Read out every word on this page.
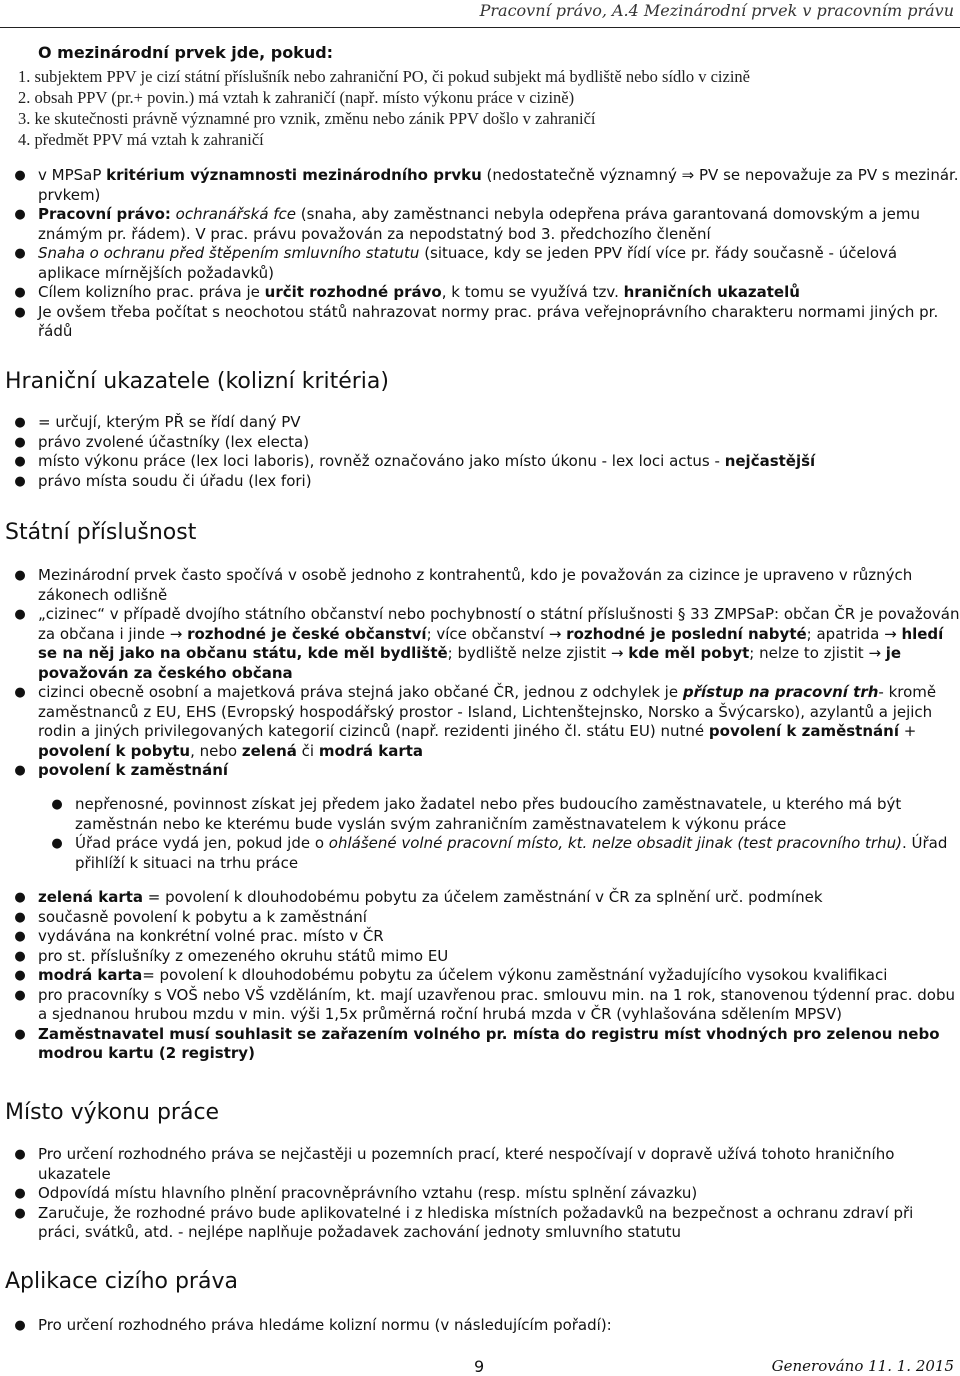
Pracovní právo, A.4 Mezinárodní prvek v pracovním právu
O mezinárodní prvek jde, pokud:
1. subjektem PPV je cizí státní příslušník nebo zahraniční PO, či pokud subjekt má bydliště nebo sídlo v cizině
2. obsah PPV (pr.+ povin.) má vztah k zahraničí (např. místo výkonu práce v cizině)
3. ke skutečnosti právně významné pro vznik, změnu nebo zánik PPV došlo v zahraničí
4. předmět PPV má vztah k zahraničí
● v MPSaP kritérium významnosti mezinárodního prvku (nedostatečně významný ⇒ PV se nepovažuje za PV s mezinár. prvkem)
● Pracovní právo: ochranářská fce (snaha, aby zaměstnanci nebyla odepřena práva garantovaná domovským a jemu známým pr. řádem). V prac. právu považován za nepodstatný bod 3. předchozího členění
● Snaha o ochranu před štěpením smluvního statutu (situace, kdy se jeden PPV řídí více pr. řády současně - účelová aplikace mírnějších požadavků)
● Cílem kolizního prac. práva je určit rozhodné právo, k tomu se využívá tzv. hraničních ukazatelů
● Je ovšem třeba počítat s neochotou států nahrazovat normy prac. práva veřejnoprávního charakteru normami jiných pr. řádů
Hraniční ukazatele (kolizní kritéria)
● = určují, kterým PŘ se řídí daný PV
● právo zvolené účastníky (lex electa)
● místo výkonu práce (lex loci laboris), rovněž označováno jako místo úkonu - lex loci actus - nejčastější
● právo místa soudu či úřadu (lex fori)
Státní příslušnost
● Mezinárodní prvek často spočívá v osobě jednoho z kontrahentů, kdo je považován za cizince je upraveno v různých zákonech odlišně
● „cizinec“ v případě dvojího státního občanství nebo pochybností o státní příslušnosti § 33 ZMPSaP: občan ČR je považován za občana i jinde → rozhodné je české občanství; více občanství → rozhodné je poslední nabyté; apatrida → hledí se na něj jako na občanu státu, kde měl bydliště; bydliště nelze zjistit → kde měl pobyt; nelze to zjistit → je považován za českého občana
● cizinci obecně osobní a majetková práva stejná jako občané ČR, jednou z odchylek je přístup na pracovní trh- kromě zaměstnanců z EU, EHS (Evropský hospodářský prostor - Island, Lichtenštejnsko, Norsko a Švýcarsko), azylantů a jejich rodin a jiných privilegovaných kategorií cizinců (např. rezidenti jiného čl. státu EU) nutné povolení k zaměstnání + povolení k pobytu, nebo zelená či modrá karta
● povolení k zaměstnání
● nepřenosné, povinnost získat jej předem jako žadatel nebo přes budoucího zaměstnavatele, u kterého má být zaměstnán nebo ke kterému bude vyslán svým zahraničním zaměstnavatelem k výkonu práce
● Úřad práce vydá jen, pokud jde o ohlášené volné pracovní místo, kt. nelze obsadit jinak (test pracovního trhu). Úřad přihlíží k situaci na trhu práce
● zelená karta = povolení k dlouhodobému pobytu za účelem zaměstnání v ČR za splnění urč. podmínek
● současně povolení k pobytu a k zaměstnání
● vydávána na konkrétní volné prac. místo v ČR
● pro st. příslušníky z omezeného okruhu států mimo EU
● modrá karta= povolení k dlouhodobému pobytu za účelem výkonu zaměstnání vyžadujícího vysokou kvalifikaci
● pro pracovníky s VOŠ nebo VŠ vzděláním, kt. mají uzavřenou prac. smlouvu min. na 1 rok, stanovenou týdenní prac. dobu a sjednanou hrubou mzdu v min. výši 1,5x průměrná roční hrubá mzda v ČR (vyhlašována sdělením MPSV)
● Zaměstnavatel musí souhlasit se zařazením volného pr. místa do registru míst vhodných pro zelenou nebo modrou kartu (2 registry)
Místo výkonu práce
● Pro určení rozhodného práva se nejčastěji u pozemních prací, které nespočívají v dopravě užívá tohoto hraničního ukazatele
● Odpovídá místu hlavního plnění pracovněprávního vztahu (resp. místu splnění závazku)
● Zaručuje, že rozhodné právo bude aplikovatelné i z hlediska místních požadavků na bezpečnost a ochranu zdraví při práci, svátků, atd. - nejlépe naplňuje požadavek zachování jednoty smluvního statutu
Aplikace cizího práva
● Pro určení rozhodného práva hledáme kolizní normu (v následujícím pořadí):
9	Generováno 11. 1. 2015
